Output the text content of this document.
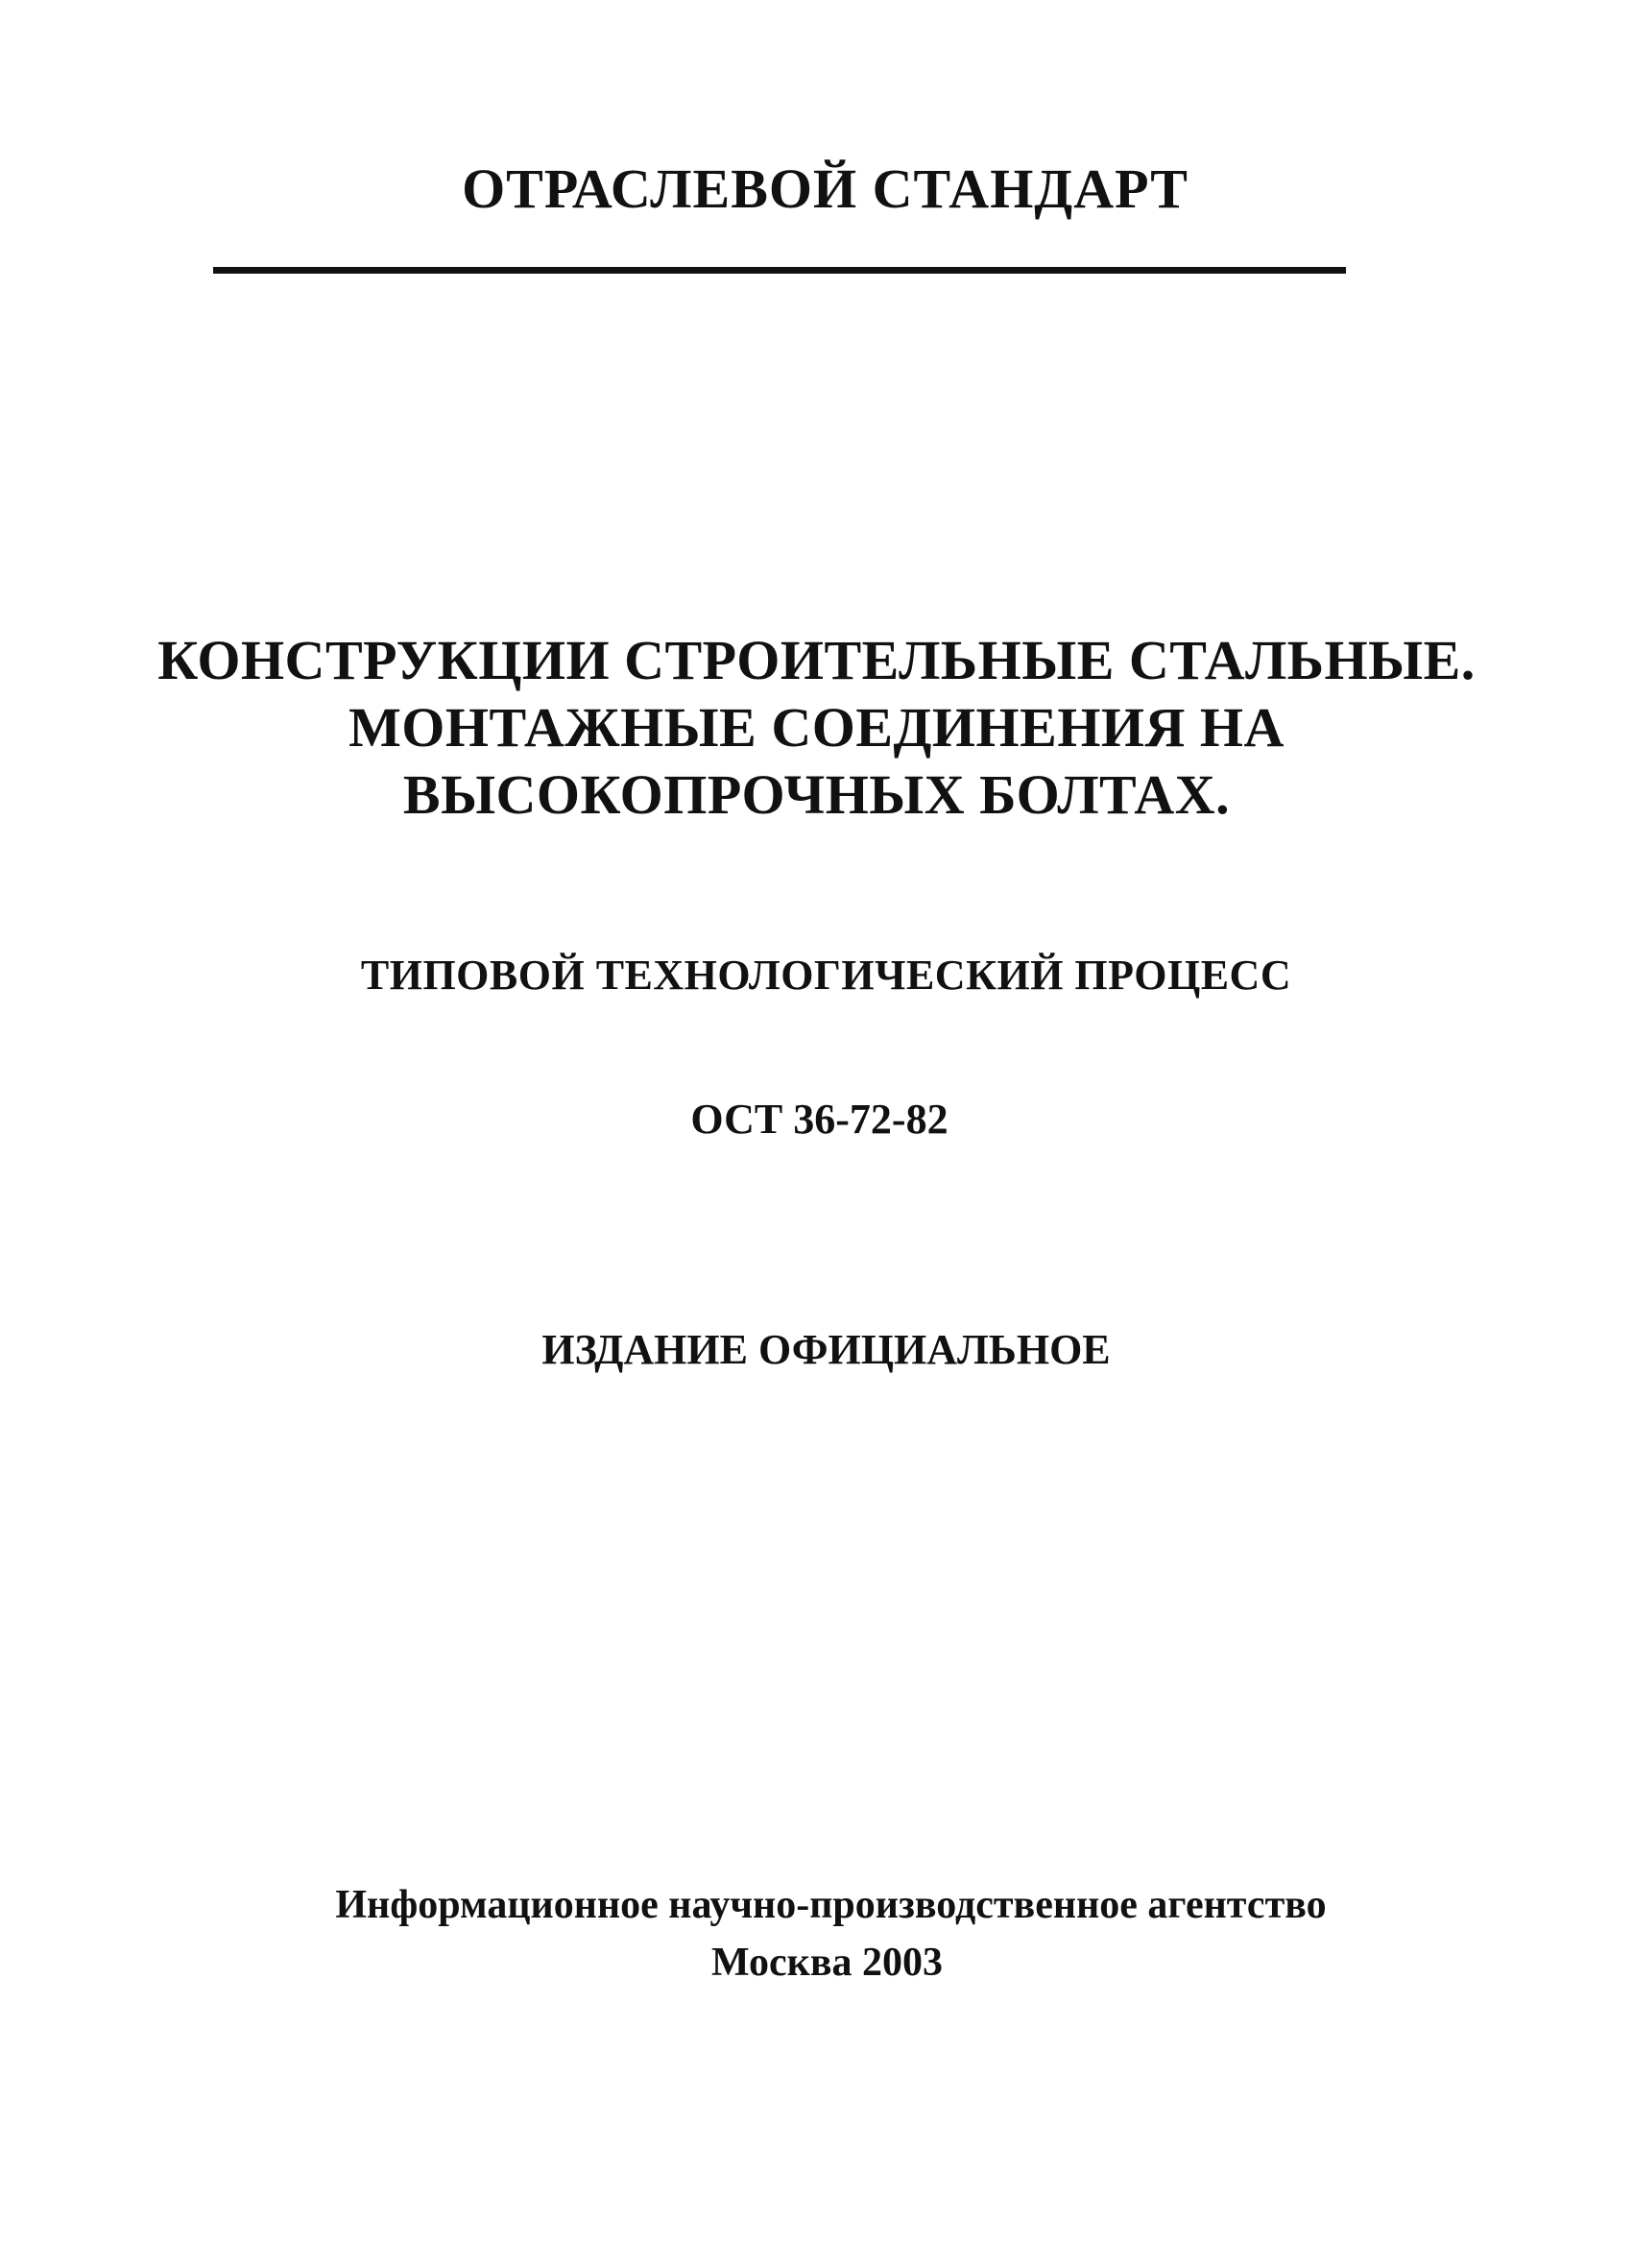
ОТРАСЛЕВОЙ СТАНДАРТ
КОНСТРУКЦИИ СТРОИТЕЛЬНЫЕ СТАЛЬНЫЕ.
МОНТАЖНЫЕ СОЕДИНЕНИЯ НА
ВЫСОКОПРОЧНЫХ БОЛТАХ.
ТИПОВОЙ ТЕХНОЛОГИЧЕСКИЙ ПРОЦЕСС
ОСТ 36-72-82
ИЗДАНИЕ ОФИЦИАЛЬНОЕ
Информационное научно-производственное агентство
Москва 2003
